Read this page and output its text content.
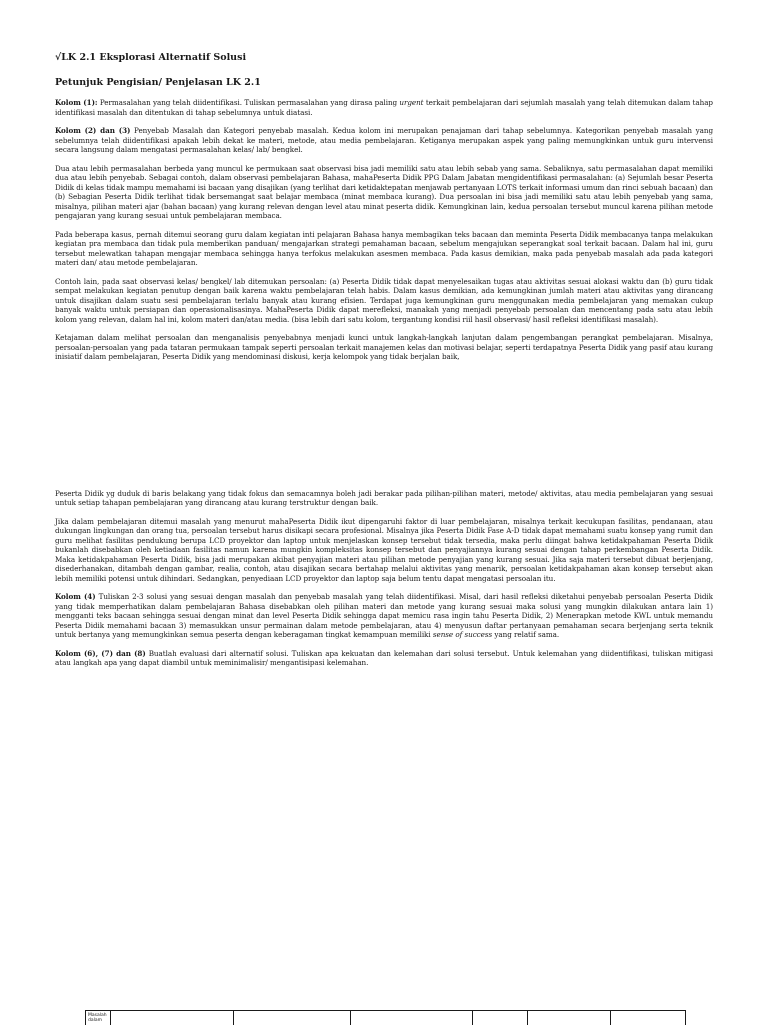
√LK 2.1 Eksplorasi Alternatif Solusi
Petunjuk Pengisian/ Penjelasan LK 2.1

Kolom (1): Permasalahan yang telah diidentifikasi. Tuliskan permasalahan yang dirasa paling urgent terkait pembelajaran dari sejumlah masalah yang telah ditemukan dalam tahap identifikasi masalah dan ditentukan di tahap sebelumnya untuk diatasi.

Kolom (2) dan (3) Penyebab Masalah dan Kategori penyebab masalah. Kedua kolom ini merupakan penajaman dari tahap sebelumnya. Kategorikan penyebab masalah yang sebelumnya telah diidentifikasi apakah lebih dekat ke materi, metode, atau media pembelajaran. Ketiganya merupakan aspek yang paling memungkinkan untuk guru intervensi secara langsung dalam mengatasi permasalahan kelas/ lab/ bengkel.

Dua atau lebih permasalahan berbeda yang muncul ke permukaan saat observasi bisa jadi memiliki satu atau lebih sebab yang sama. Sebaliknya, satu permasalahan dapat memiliki dua atau lebih penyebab. Sebagai contoh, dalam observasi pembelajaran Bahasa, mahaPeserta Didik PPG Dalam Jabatan mengidentifikasi permasalahan: (a) Sejumlah besar Peserta Didik di kelas tidak mampu memahami isi bacaan yang disajikan (yang terlihat dari ketidaktepatan menjawab pertanyaan LOTS terkait informasi umum dan rinci sebuah bacaan) dan (b) Sebagian Peserta Didik terlihat tidak bersemangat saat belajar membaca (minat membaca kurang). Dua persoalan ini bisa jadi memiliki satu atau lebih penyebab yang sama, misalnya, pilihan materi ajar (bahan bacaan) yang kurang relevan dengan level atau minat peserta didik. Kemungkinan lain, kedua persoalan tersebut muncul karena pilihan metode pengajaran yang kurang sesuai untuk pembelajaran membaca.

Pada beberapa kasus, pernah ditemui seorang guru dalam kegiatan inti pelajaran Bahasa hanya membagikan teks bacaan dan meminta Peserta Didik membacanya tanpa melakukan kegiatan pra membaca dan tidak pula memberikan panduan/ mengajarkan strategi pemahaman bacaan, sebelum mengajukan seperangkat soal terkait bacaan. Dalam hal ini, guru tersebut melewatkan tahapan mengajar membaca sehingga hanya terfokus melakukan asesmen membaca. Pada kasus demikian, maka pada penyebab masalah ada pada kategori materi dan/ atau metode pembelajaran.

Contoh lain, pada saat observasi kelas/ bengkel/ lab ditemukan persoalan: (a) Peserta Didik tidak dapat menyelesaikan tugas atau aktivitas sesuai alokasi waktu dan (b) guru tidak sempat melakukan kegiatan penutup dengan baik karena waktu pembelajaran telah habis. Dalam kasus demikian, ada kemungkinan jumlah materi atau aktivitas yang dirancang untuk disajikan dalam suatu sesi pembelajaran terlalu banyak atau kurang efisien. Terdapat juga kemungkinan guru menggunakan media pembelajaran yang memakan cukup banyak waktu untuk persiapan dan operasionalisasinya. MahaPeserta Didik dapat merefleksi, manakah yang menjadi penyebab persoalan dan mencentang pada satu atau lebih kolom yang relevan, dalam hal ini, kolom materi dan/atau media. (bisa lebih dari satu kolom, tergantung kondisi riil hasil observasi/ hasil refleksi identifikasi masalah).

Ketajaman dalam melihat persoalan dan menganalisis penyebabnya menjadi kunci untuk langkah-langkah lanjutan dalam pengembangan perangkat pembelajaran. Misalnya, persoalan-persoalan yang pada tataran permukaan tampak seperti persoalan terkait manajemen kelas dan motivasi belajar, seperti terdapatnya Peserta Didik yang pasif atau kurang inisiatif dalam pembelajaran, Peserta Didik yang mendominasi diskusi, kerja kelompok yang tidak berjalan baik,

Peserta Didik yg duduk di baris belakang yang tidak fokus dan semacamnya boleh jadi berakar pada pilihan-pilihan materi, metode/ aktivitas, atau media pembelajaran yang sesuai untuk setiap tahapan pembelajaran yang dirancang atau kurang terstruktur dengan baik.

Jika dalam pembelajaran ditemui masalah yang menurut mahaPeserta Didik ikut dipengaruhi faktor di luar pembelajaran, misalnya terkait kecukupan fasilitas, pendanaan, atau dukungan lingkungan dan orang tua, persoalan tersebut harus disikapi secara profesional. Misalnya jika Peserta Didik Fase A-D tidak dapat memahami suatu konsep yang rumit dan guru melihat fasilitas pendukung berupa LCD proyektor dan laptop untuk menjelaskan konsep tersebut tidak tersedia, maka perlu diingat bahwa ketidakpahaman Peserta Didik bukanlah disebabkan oleh ketiadaan fasilitas namun karena mungkin kompleksitas konsep tersebut dan penyajiannya kurang sesuai dengan tahap perkembangan Peserta Didik. Maka ketidakpahaman Peserta Didik, bisa jadi merupakan akibat penyajian materi atau pilihan metode penyajian yang kurang sesuai. Jika saja materi tersebut dibuat berjenjang, disederhanakan, ditambah dengan gambar, realia, contoh, atau disajikan secara bertahap melalui aktivitas yang menarik, persoalan ketidakpahaman akan konsep tersebut akan lebih memiliki potensi untuk dihindari. Sedangkan, penyediaan LCD proyektor dan laptop saja belum tentu dapat mengatasi persoalan itu.

Kolom (4) Tuliskan 2-3 solusi yang sesuai dengan masalah dan penyebab masalah yang telah diidentifikasi. Misal, dari hasil refleksi diketahui penyebab persoalan Peserta Didik yang tidak memperhatikan dalam pembelajaran Bahasa disebabkan oleh pilihan materi dan metode yang kurang sesuai maka solusi yang mungkin dilakukan antara lain 1) mengganti teks bacaan sehingga sesuai dengan minat dan level Peserta Didik sehingga dapat memicu rasa ingin tahu Peserta Didik, 2) Menerapkan metode KWL untuk memandu Peserta Didik memahami bacaan 3) memasukkan unsur permainan dalam metode pembelajaran, atau 4) menyusun daftar pertanyaan pemahaman secara berjenjang serta teknik untuk bertanya yang memungkinkan semua peserta dengan keberagaman tingkat kemampuan memiliki sense of success yang relatif sama.

Kolom (6), (7) dan (8) Buatlah evaluasi dari alternatif solusi. Tuliskan apa kekuatan dan kelemahan dari solusi tersebut. Untuk kelemahan yang diidentifikasi, tuliskan mitigasi atau langkah apa yang dapat diambil untuk meminimalisir/ mengantisipasi kelemahan.

Masalah dalam						
